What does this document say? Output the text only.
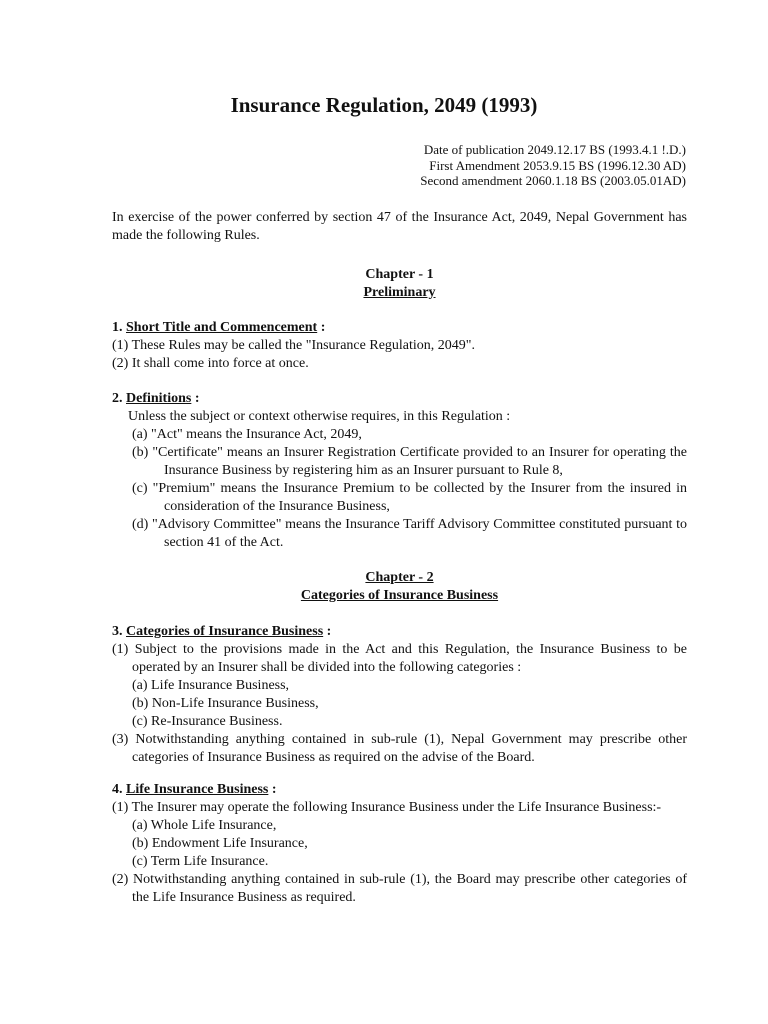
Insurance Regulation, 2049 (1993)
Date of publication 2049.12.17 BS (1993.4.1 !.D.)
First Amendment 2053.9.15 BS (1996.12.30 AD)
Second amendment 2060.1.18 BS (2003.05.01AD)
In exercise of the power conferred by section 47 of the Insurance Act, 2049, Nepal Government has made the following Rules.
Chapter - 1
Preliminary
1. Short Title and Commencement :
(1) These Rules may be called the "Insurance Regulation, 2049".
(2) It shall come into force at once.
2. Definitions :
Unless the subject or context otherwise requires, in this Regulation :
(a) "Act" means the Insurance Act, 2049,
(b) "Certificate" means an Insurer Registration Certificate provided to an Insurer for operating the Insurance Business by registering him as an Insurer pursuant to Rule 8,
(c) "Premium" means the Insurance Premium to be collected by the Insurer from the insured in consideration of the Insurance Business,
(d) "Advisory Committee" means the Insurance Tariff Advisory Committee constituted pursuant to section 41 of the Act.
Chapter - 2
Categories of Insurance Business
3. Categories of Insurance Business :
(1) Subject to the provisions made in the Act and this Regulation, the Insurance Business to be operated by an Insurer shall be divided into the following categories :
(a) Life Insurance Business,
(b) Non-Life Insurance Business,
(c) Re-Insurance Business.
(3) Notwithstanding anything contained in sub-rule (1), Nepal Government may prescribe other categories of Insurance Business as required on the advise of the Board.
4. Life Insurance Business :
(1) The Insurer may operate the following Insurance Business under the Life Insurance Business:-
(a) Whole Life Insurance,
(b) Endowment Life Insurance,
(c) Term Life Insurance.
(2) Notwithstanding anything contained in sub-rule (1), the Board may prescribe other categories of the Life Insurance Business as required.
